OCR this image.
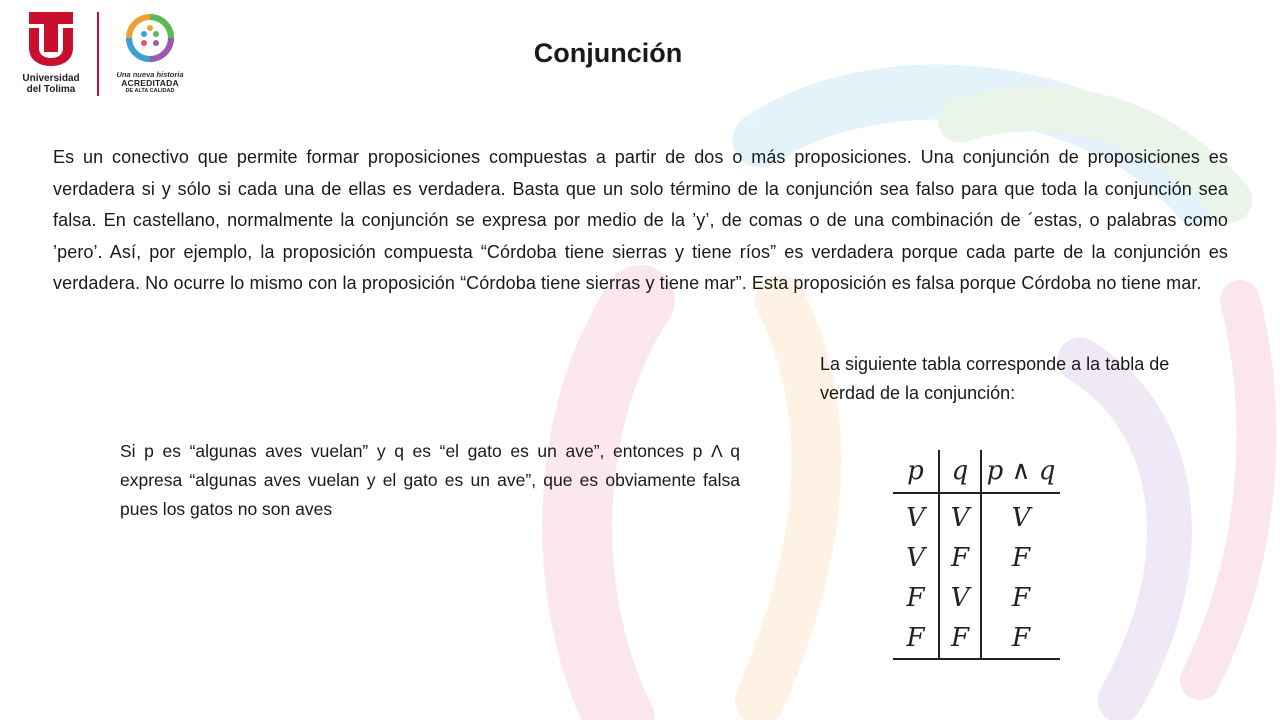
Universidad
del Tolima
Una nueva historia
ACREDITADA
DE ALTA CALIDAD
Conjunción

Es un conectivo que permite formar proposiciones compuestas a partir de dos o más proposiciones. Una conjunción de proposiciones es verdadera si y sólo si cada una de ellas es verdadera. Basta que un solo término de la conjunción sea falso para que toda la conjunción sea falsa. En castellano, normalmente la conjunción se expresa por medio de la ’y’, de comas o de una combinación de ´estas, o palabras como ’pero’. Así, por ejemplo, la proposición compuesta “Córdoba tiene sierras y tiene ríos” es verdadera porque cada parte de la conjunción es verdadera. No ocurre lo mismo con la proposición “Córdoba tiene sierras y tiene mar”. Esta proposición es falsa porque Córdoba no tiene mar.

La siguiente tabla corresponde a la tabla de verdad de la conjunción:

Si p es “algunas aves vuelan” y q es “el gato es un ave”, entonces p Λ q expresa “algunas aves vuelan y el gato es un ave”, que es obviamente falsa pues los gatos no son aves

p	q	p ∧ q
V	V	V
V	F	F
F	V	F
F	F	F
